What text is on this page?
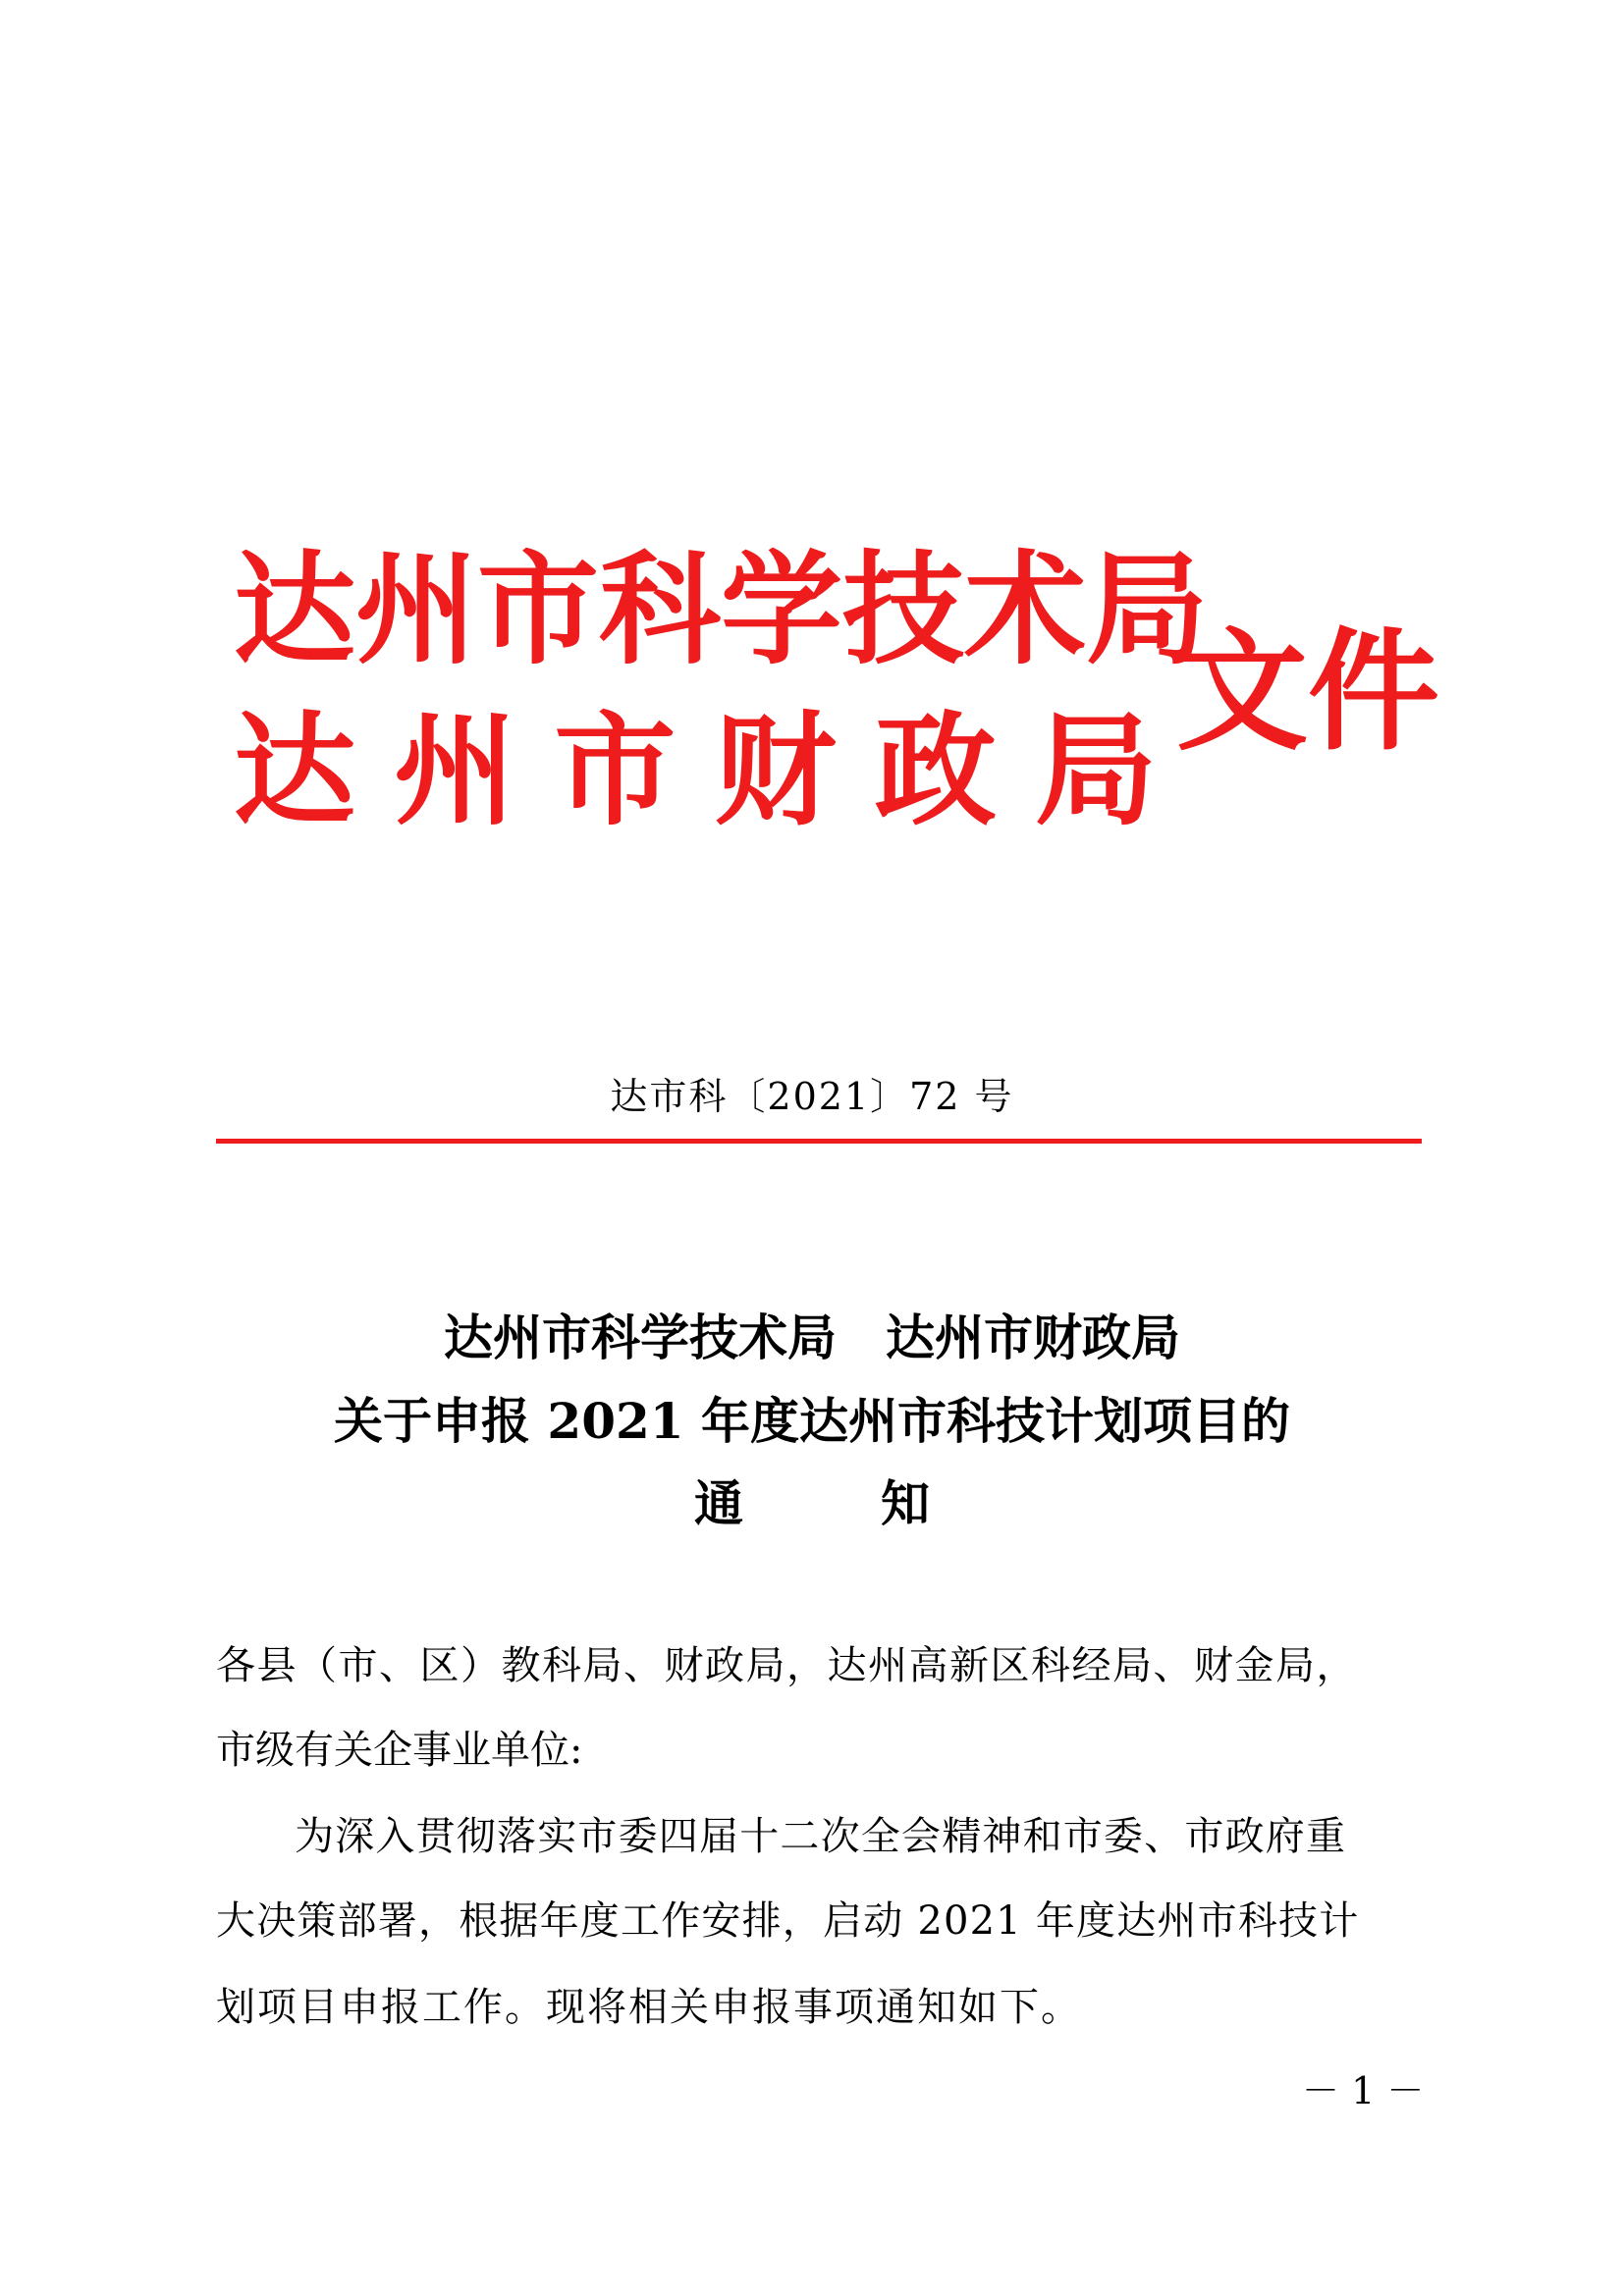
达州市科学技术局
达 州 市 财 政 局
文件
达市科〔2021〕72 号
达州市科学技术局　达州市财政局
关于申报 2021 年度达州市科技计划项目的
通	知
各县（市、区）教科局、财政局，达州高新区科经局、财金局，
市级有关企事业单位:
为深入贯彻落实市委四届十二次全会精神和市委、市政府重
大决策部署，根据年度工作安排，启动 2021 年度达州市科技计
划项目申报工作。现将相关申报事项通知如下。
－ 1 －
